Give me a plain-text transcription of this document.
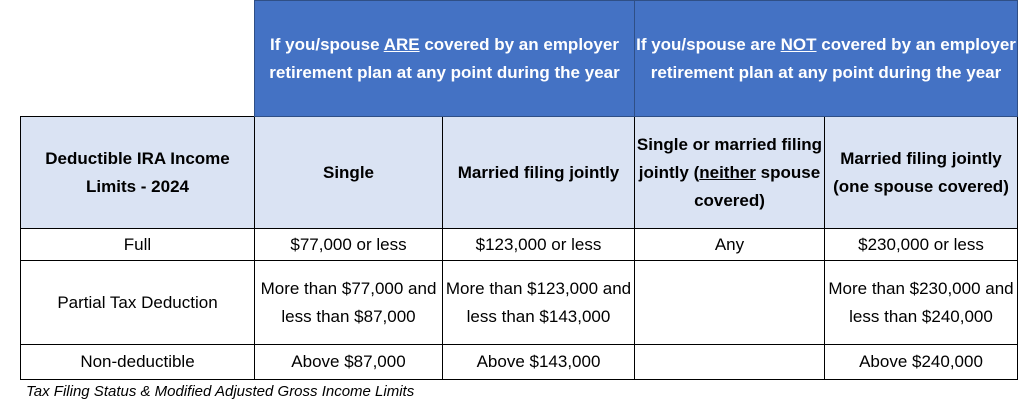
	If you/spouse ARE covered by an employer retirement plan at any point during the year		If you/spouse are NOT covered by an employer retirement plan at any point during the year	
Deductible IRA Income Limits - 2024	Single	Married filing jointly	Single or married filing jointly (neither spouse covered)	Married filing jointly (one spouse covered)
Full	$77,000 or less	$123,000 or less	Any	$230,000 or less
Partial Tax Deduction	More than $77,000 and less than $87,000	More than $123,000 and less than $143,000		More than $230,000 and less than $240,000
Non-deductible	Above $87,000	Above $143,000		Above $240,000
Tax Filing Status & Modified Adjusted Gross Income Limits
